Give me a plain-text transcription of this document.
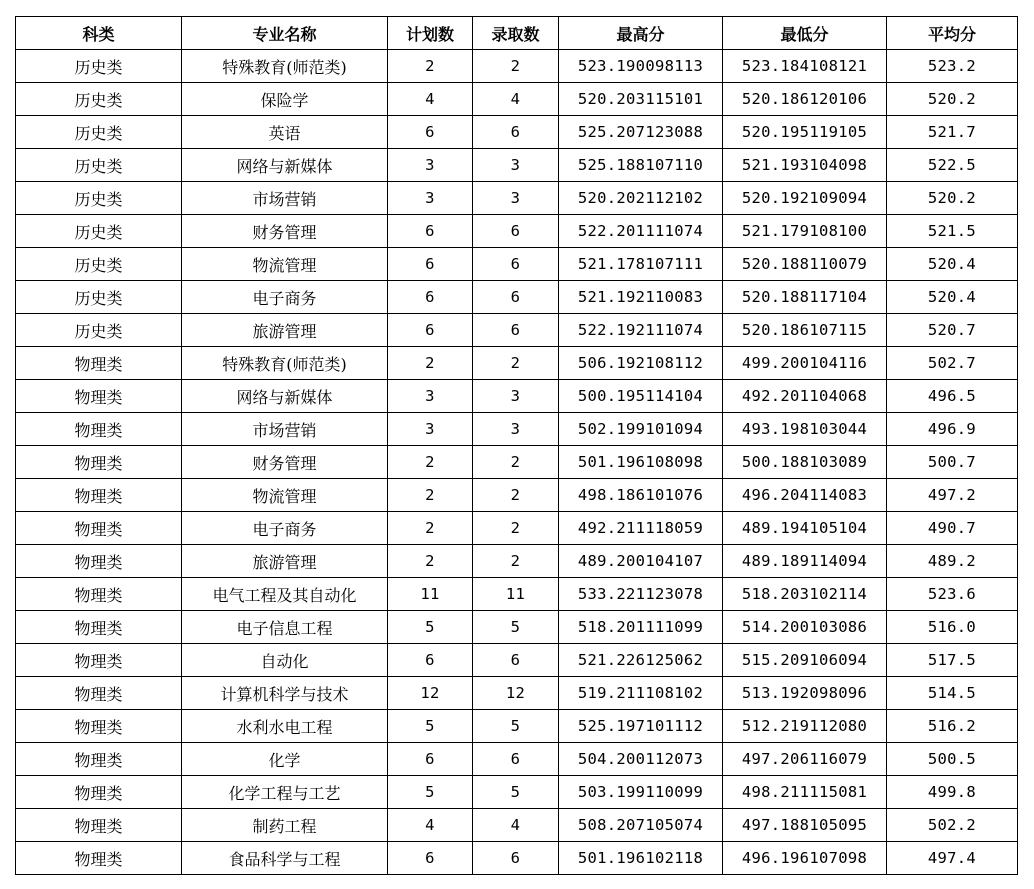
科类	专业名称	计划数	录取数	最高分	最低分	平均分
历史类	特殊教育(师范类)	2	2	523.190098113	523.184108121	523.2
历史类	保险学	4	4	520.203115101	520.186120106	520.2
历史类	英语	6	6	525.207123088	520.195119105	521.7
历史类	网络与新媒体	3	3	525.188107110	521.193104098	522.5
历史类	市场营销	3	3	520.202112102	520.192109094	520.2
历史类	财务管理	6	6	522.201111074	521.179108100	521.5
历史类	物流管理	6	6	521.178107111	520.188110079	520.4
历史类	电子商务	6	6	521.192110083	520.188117104	520.4
历史类	旅游管理	6	6	522.192111074	520.186107115	520.7
物理类	特殊教育(师范类)	2	2	506.192108112	499.200104116	502.7
物理类	网络与新媒体	3	3	500.195114104	492.201104068	496.5
物理类	市场营销	3	3	502.199101094	493.198103044	496.9
物理类	财务管理	2	2	501.196108098	500.188103089	500.7
物理类	物流管理	2	2	498.186101076	496.204114083	497.2
物理类	电子商务	2	2	492.211118059	489.194105104	490.7
物理类	旅游管理	2	2	489.200104107	489.189114094	489.2
物理类	电气工程及其自动化	11	11	533.221123078	518.203102114	523.6
物理类	电子信息工程	5	5	518.201111099	514.200103086	516.0
物理类	自动化	6	6	521.226125062	515.209106094	517.5
物理类	计算机科学与技术	12	12	519.211108102	513.192098096	514.5
物理类	水利水电工程	5	5	525.197101112	512.219112080	516.2
物理类	化学	6	6	504.200112073	497.206116079	500.5
物理类	化学工程与工艺	5	5	503.199110099	498.211115081	499.8
物理类	制药工程	4	4	508.207105074	497.188105095	502.2
物理类	食品科学与工程	6	6	501.196102118	496.196107098	497.4
